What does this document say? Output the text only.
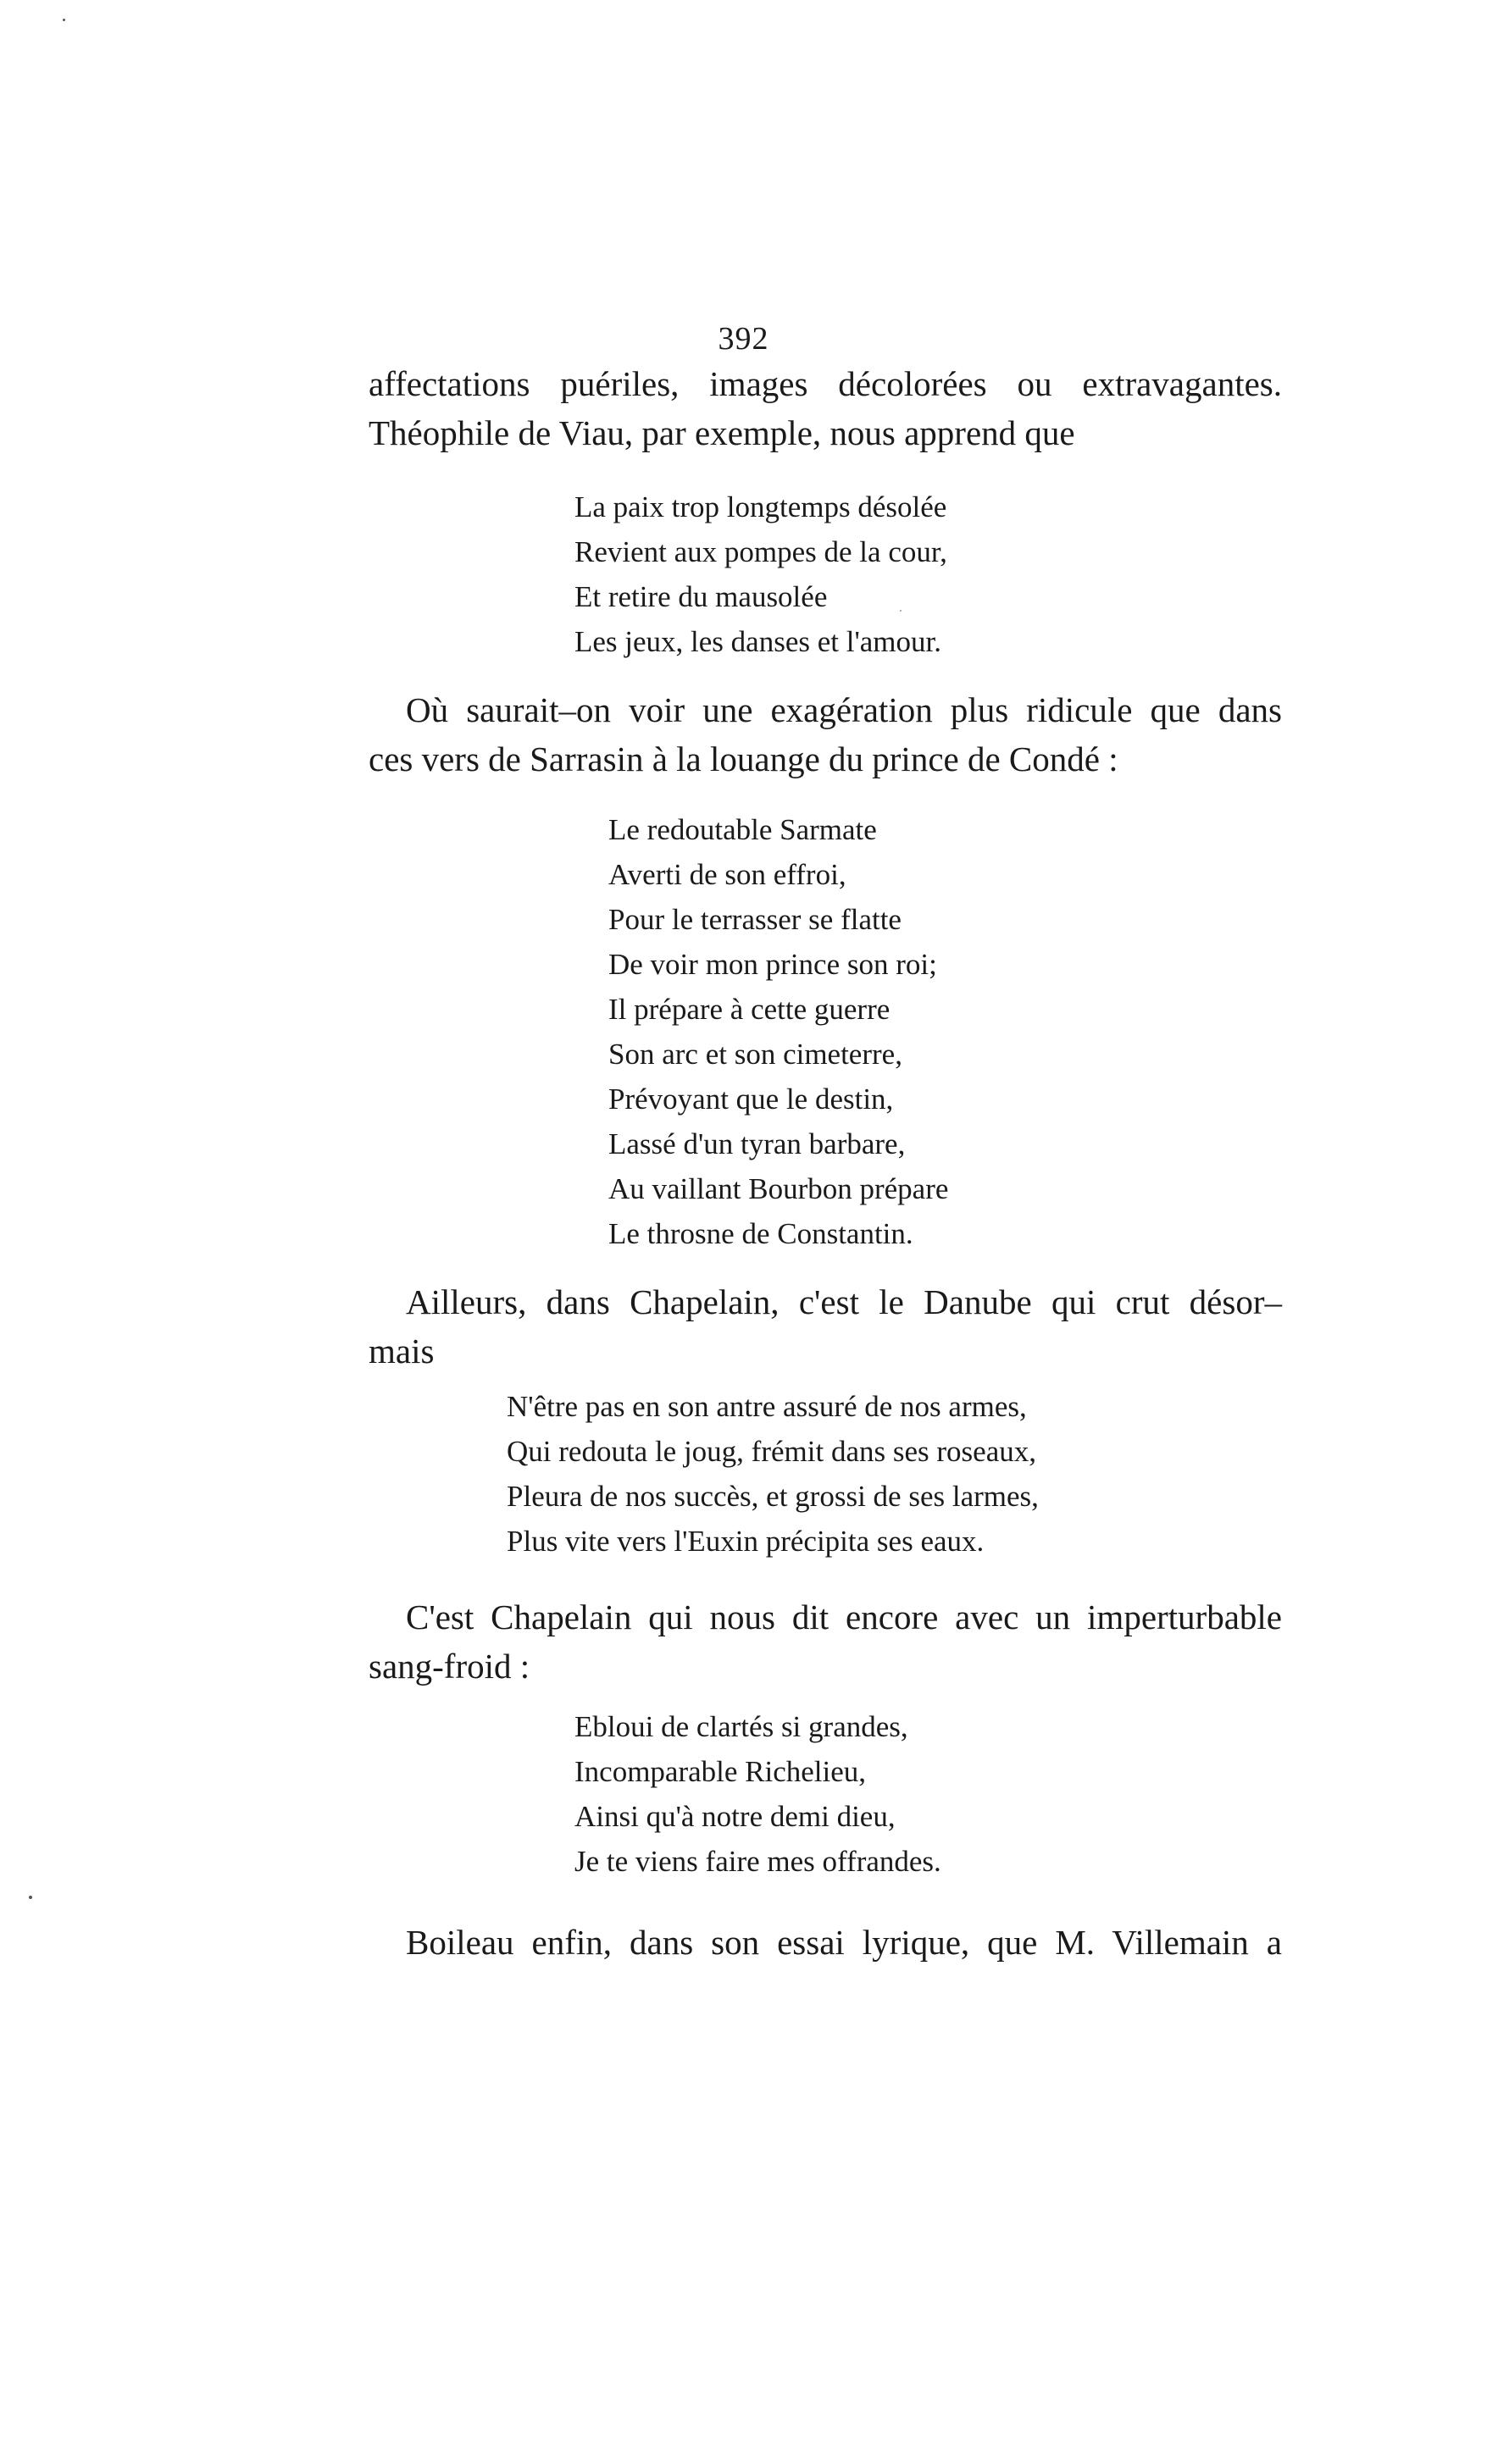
392
affectations puériles, images décolorées ou extravagantes.
Théophile de Viau, par exemple, nous apprend que
La paix trop longtemps désolée
Revient aux pompes de la cour,
Et retire du mausolée
Les jeux, les danses et l'amour.
Où saurait–on voir une exagération plus ridicule que dans
ces vers de Sarrasin à la louange du prince de Condé :
Le redoutable Sarmate
Averti de son effroi,
Pour le terrasser se flatte
De voir mon prince son roi;
Il prépare à cette guerre
Son arc et son cimeterre,
Prévoyant que le destin,
Lassé d'un tyran barbare,
Au vaillant Bourbon prépare
Le throsne de Constantin.
Ailleurs, dans Chapelain, c'est le Danube qui crut désor–
mais
N'être pas en son antre assuré de nos armes,
Qui redouta le joug, frémit dans ses roseaux,
Pleura de nos succès, et grossi de ses larmes,
Plus vite vers l'Euxin précipita ses eaux.
C'est Chapelain qui nous dit encore avec un imperturbable
sang-froid :
Ebloui de clartés si grandes,
Incomparable Richelieu,
Ainsi qu'à notre demi dieu,
Je te viens faire mes offrandes.
Boileau enfin, dans son essai lyrique, que M. Villemain a
